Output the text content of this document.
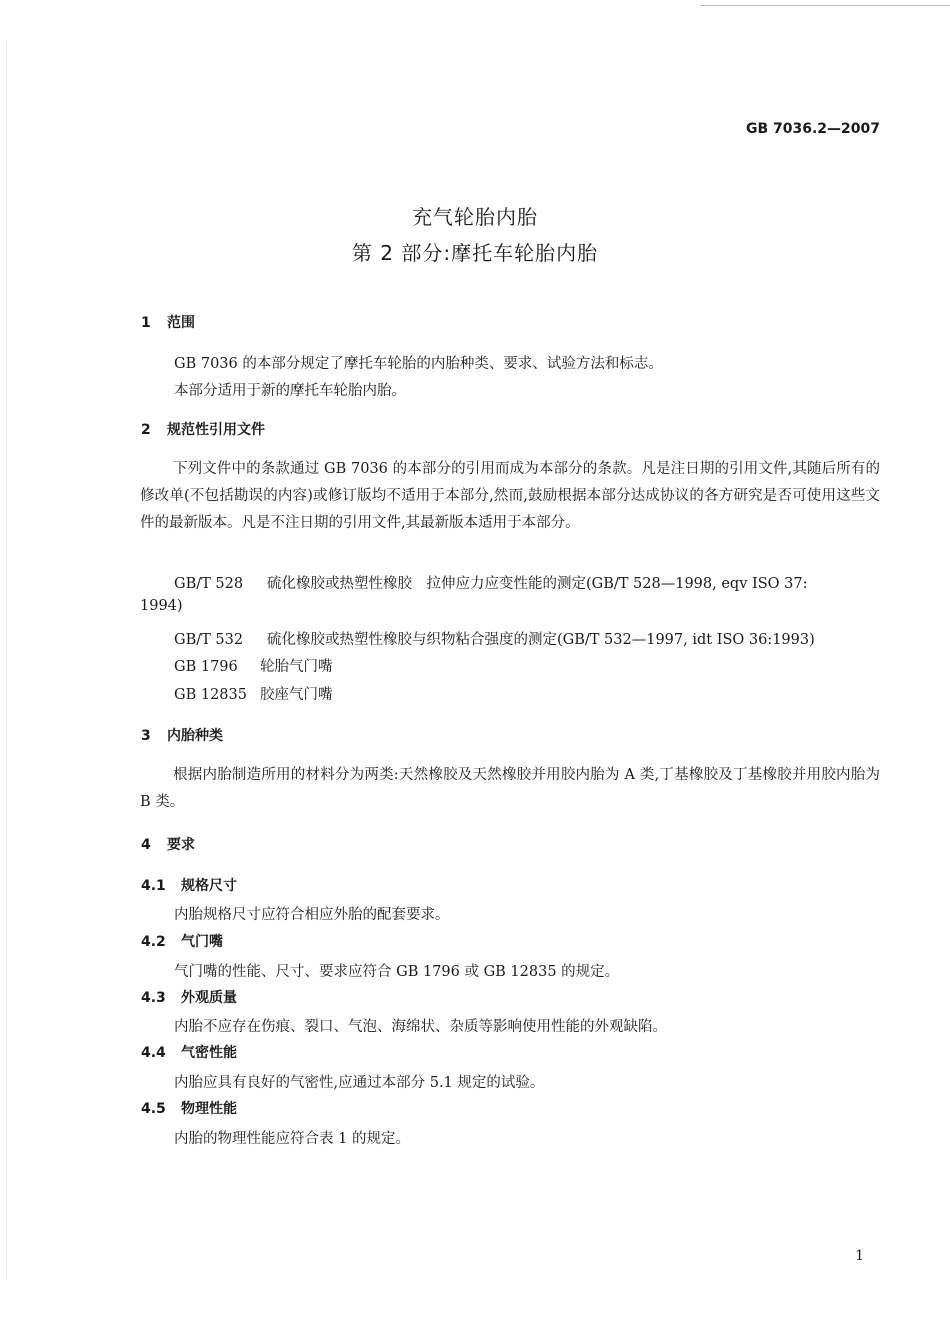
GB 7036.2—2007
充气轮胎内胎
第 2 部分:摩托车轮胎内胎
1 范围
GB 7036 的本部分规定了摩托车轮胎的内胎种类、要求、试验方法和标志。
本部分适用于新的摩托车轮胎内胎。
2 规范性引用文件
下列文件中的条款通过 GB 7036 的本部分的引用而成为本部分的条款。凡是注日期的引用文件,其随后所有的修改单(不包括勘误的内容)或修订版均不适用于本部分,然而,鼓励根据本部分达成协议的各方研究是否可使用这些文件的最新版本。凡是不注日期的引用文件,其最新版本适用于本部分。
GB/T 528 硫化橡胶或热塑性橡胶　拉伸应力应变性能的测定(GB/T 528—1998, eqv ISO 37:
1994)
GB/T 532 硫化橡胶或热塑性橡胶与织物粘合强度的测定(GB/T 532—1997, idt ISO 36:1993)
GB 1796 轮胎气门嘴
GB 12835 胶座气门嘴
3 内胎种类
根据内胎制造所用的材料分为两类:天然橡胶及天然橡胶并用胶内胎为 A 类,丁基橡胶及丁基橡胶并用胶内胎为 B 类。
4 要求
4.1 规格尺寸
内胎规格尺寸应符合相应外胎的配套要求。
4.2 气门嘴
气门嘴的性能、尺寸、要求应符合 GB 1796 或 GB 12835 的规定。
4.3 外观质量
内胎不应存在伤痕、裂口、气泡、海绵状、杂质等影响使用性能的外观缺陷。
4.4 气密性能
内胎应具有良好的气密性,应通过本部分 5.1 规定的试验。
4.5 物理性能
内胎的物理性能应符合表 1 的规定。
1
